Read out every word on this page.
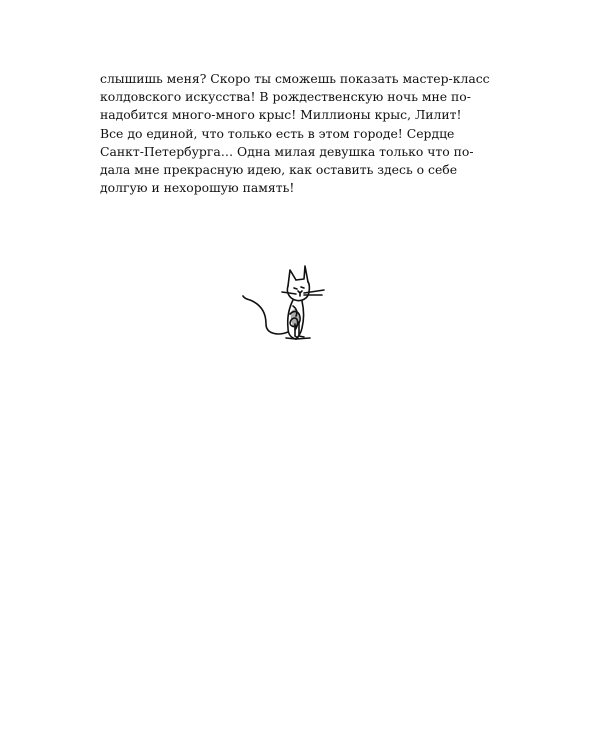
слышишь меня? Скоро ты сможешь показать мастер-класс
колдовского искусства! В рождественскую ночь мне по-
надобится много-много крыс! Миллионы крыс, Лилит!
Все до единой, что только есть в этом городе! Сердце
Санкт-Петербурга… Одна милая девушка только что по-
дала мне прекрасную идею, как оставить здесь о себе
долгую и нехорошую память!
